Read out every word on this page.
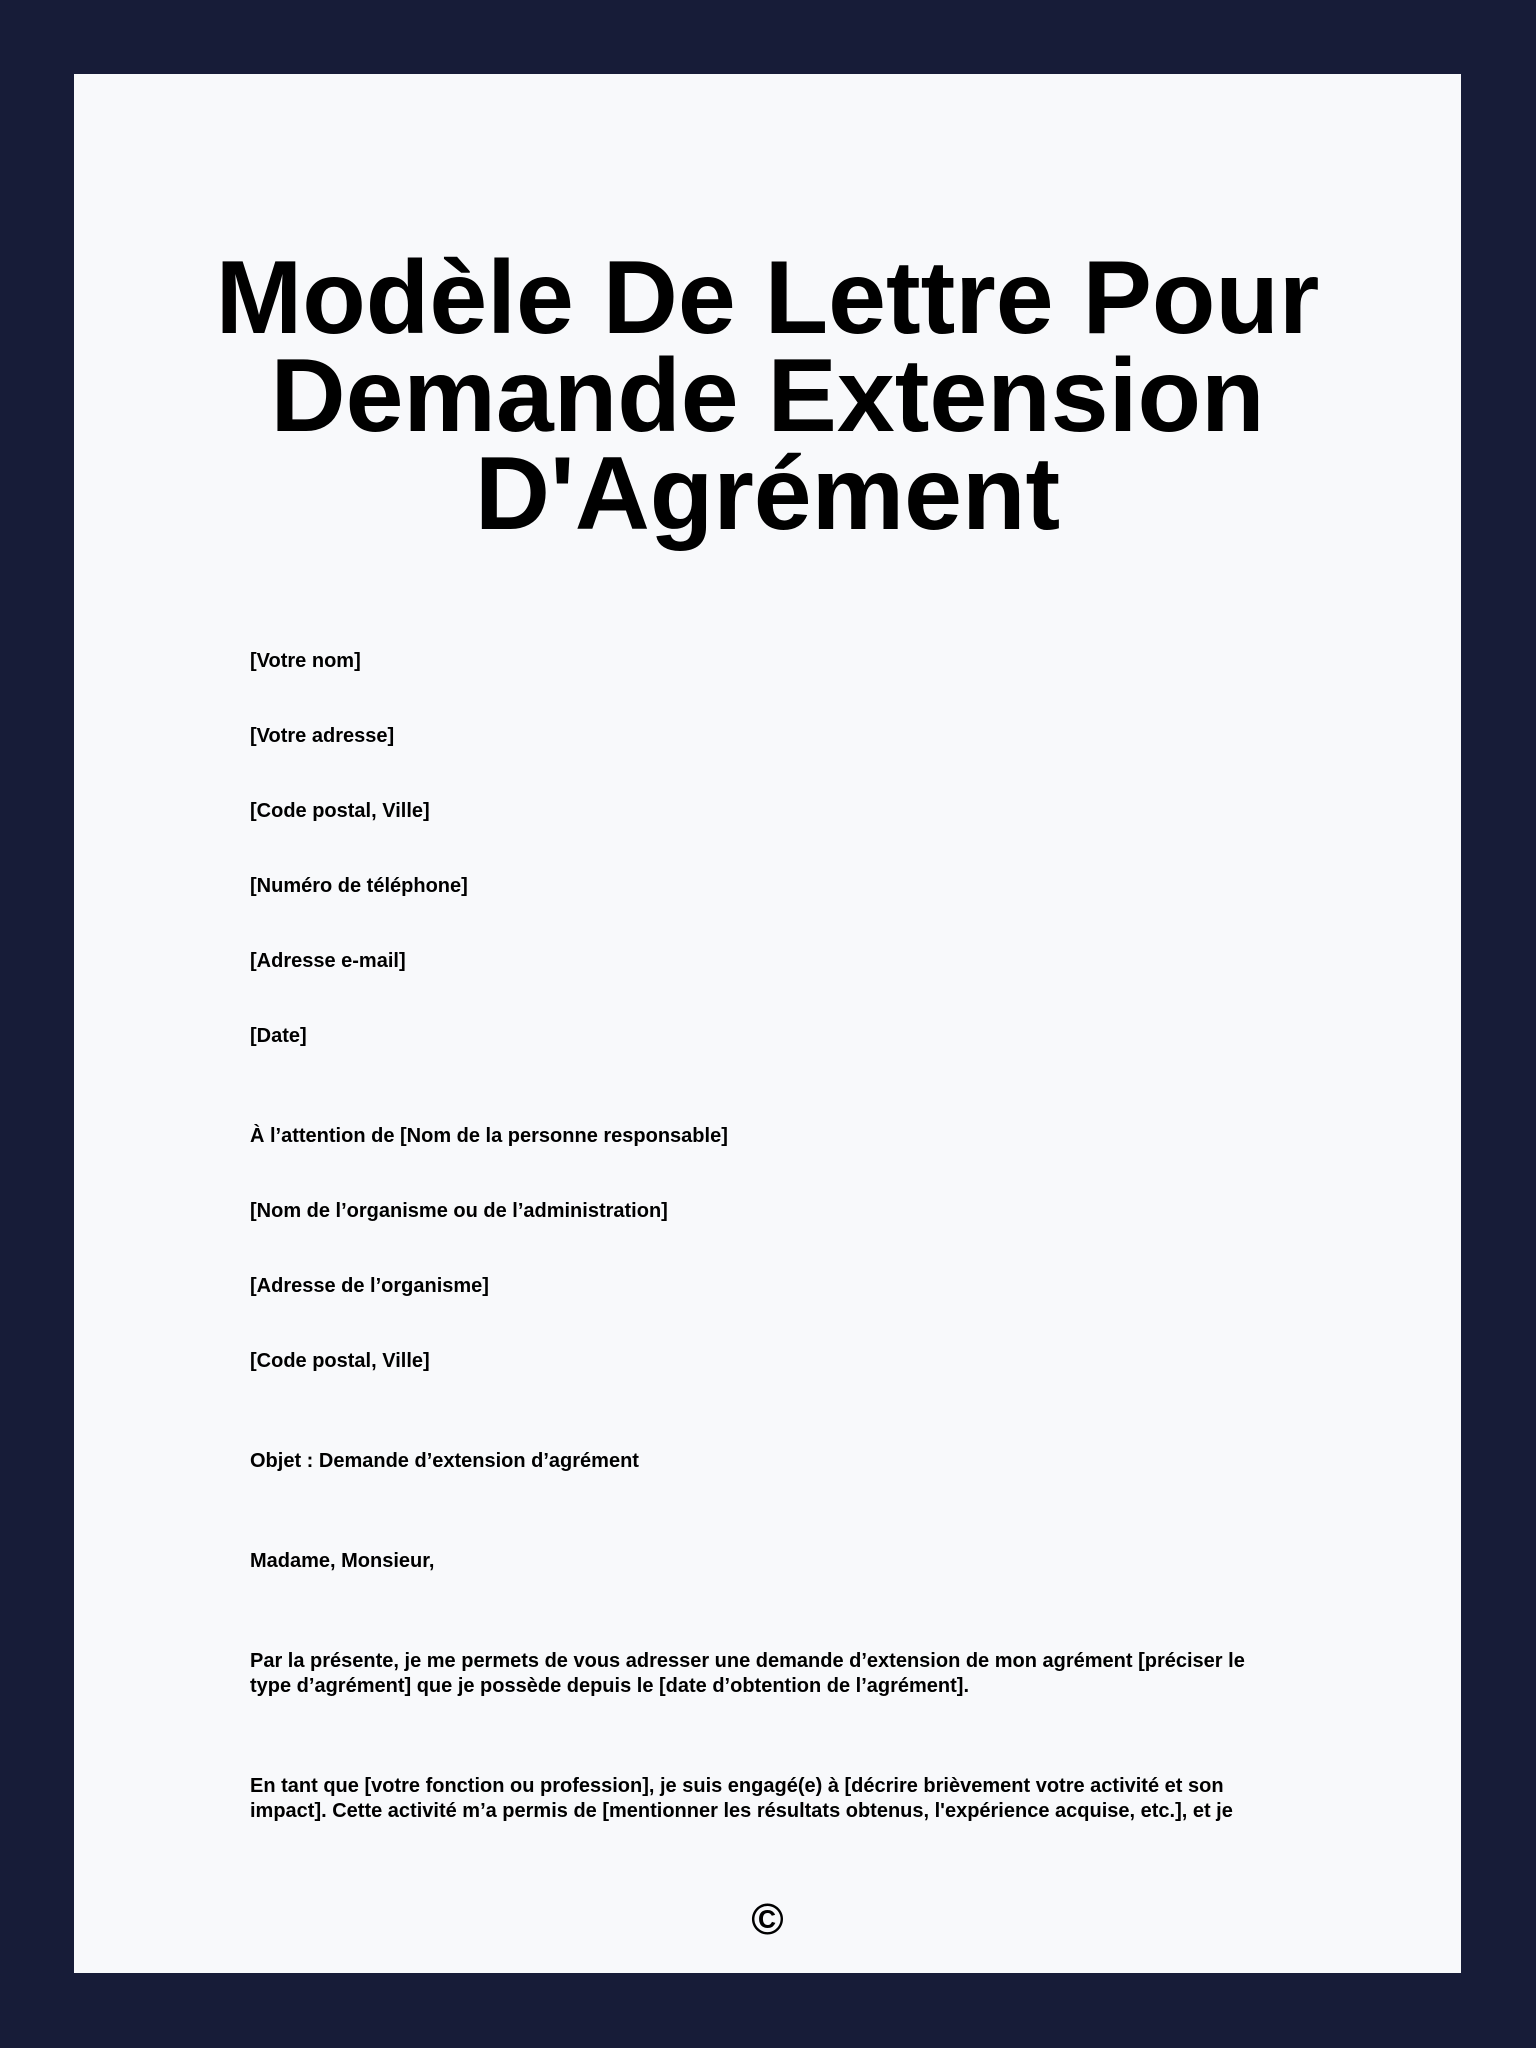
Modèle De Lettre Pour
Demande Extension
D'Agrément

[Votre nom]

[Votre adresse]

[Code postal, Ville]

[Numéro de téléphone]

[Adresse e-mail]

[Date]

À l’attention de [Nom de la personne responsable]

[Nom de l’organisme ou de l’administration]

[Adresse de l’organisme]

[Code postal, Ville]

Objet : Demande d’extension d’agrément

Madame, Monsieur,

Par la présente, je me permets de vous adresser une demande d’extension de mon agrément [préciser le
type d’agrément] que je possède depuis le [date d’obtention de l’agrément].

En tant que [votre fonction ou profession], je suis engagé(e) à [décrire brièvement votre activité et son
impact]. Cette activité m’a permis de [mentionner les résultats obtenus, l'expérience acquise, etc.], et je

©
